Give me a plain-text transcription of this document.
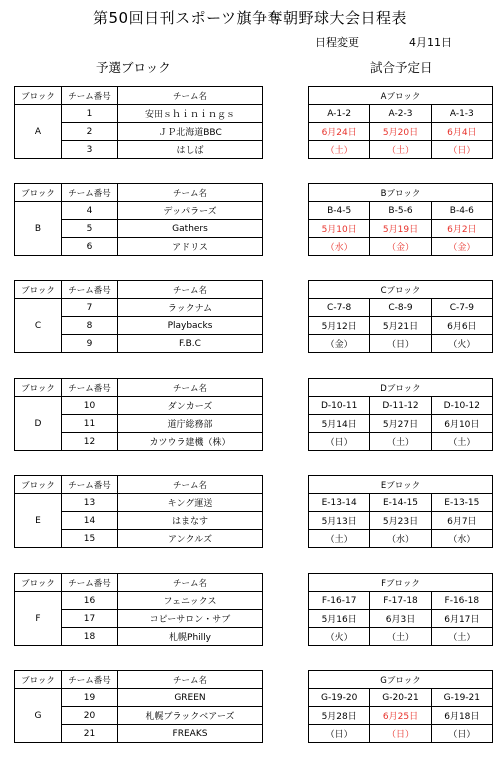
第50回日刊スポーツ旗争奪朝野球大会日程表
日程変更	4月11日
予選ブロック	試合予定日
ブロック	チーム番号	チーム名
A	1	安田ｓｈｉｎｉｎｇｓ
	2	ＪＰ北海道BBC
	3	はしば
Aブロック		
A-1-2	A-2-3	A-1-3
6月24日	5月20日	6月4日
（土）	（土）	（日）
ブロック	チーム番号	チーム名
B	4	デッパラーズ
	5	Gathers
	6	アドリス
Bブロック		
B-4-5	B-5-6	B-4-6
5月10日	5月19日	6月2日
（水）	（金）	（金）
ブロック	チーム番号	チーム名
C	7	ラックナム
	8	Playbacks
	9	F.B.C
Cブロック		
C-7-8	C-8-9	C-7-9
5月12日	5月21日	6月6日
（金）	（日）	（火）
ブロック	チーム番号	チーム名
D	10	ダンカーズ
	11	道庁総務部
	12	カツウラ建機（株）
Dブロック		
D-10-11	D-11-12	D-10-12
5月14日	5月27日	6月10日
（日）	（土）	（土）
ブロック	チーム番号	チーム名
E	13	キング運送
	14	はまなす
	15	アンクルズ
Eブロック		
E-13-14	E-14-15	E-13-15
5月13日	5月23日	6月7日
（土）	（水）	（水）
ブロック	チーム番号	チーム名
F	16	フェニックス
	17	コピーサロン・サブ
	18	札幌Philly
Fブロック		
F-16-17	F-17-18	F-16-18
5月16日	6月3日	6月17日
（火）	（土）	（土）
ブロック	チーム番号	チーム名
G	19	GREEN
	20	札幌ブラックベアーズ
	21	FREAKS
Gブロック		
G-19-20	G-20-21	G-19-21
5月28日	6月25日	6月18日
（日）	（日）	（日）
